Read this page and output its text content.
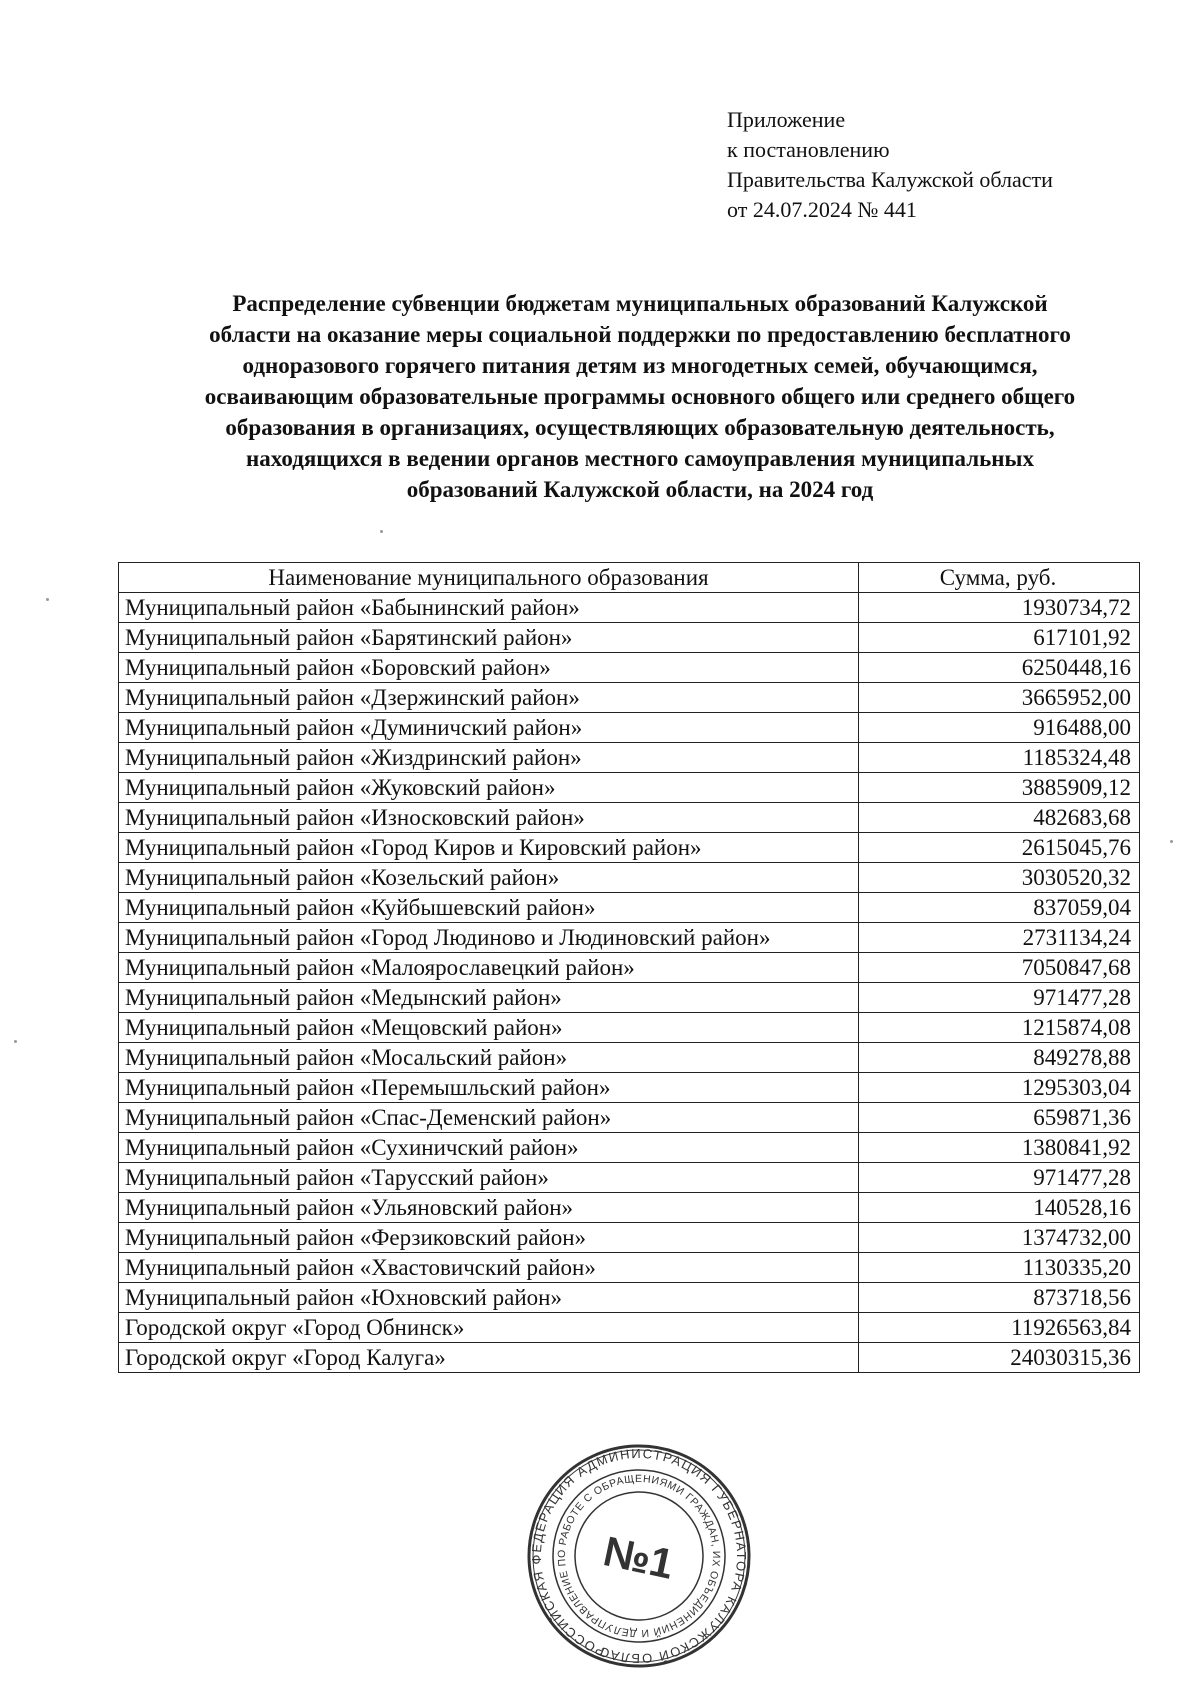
Приложение
к постановлению
Правительства Калужской области
от 24.07.2024 № 441
Распределение субвенции бюджетам муниципальных образований Калужской
области на оказание меры социальной поддержки по предоставлению бесплатного
одноразового горячего питания детям из многодетных семей, обучающимся,
осваивающим образовательные программы основного общего или среднего общего
образования в организациях, осуществляющих образовательную деятельность,
находящихся в ведении органов местного самоуправления муниципальных
образований Калужской области, на 2024 год
Наименование муниципального образования	Сумма, руб.
Муниципальный район «Бабынинский район»	1930734,72
Муниципальный район «Барятинский район»	617101,92
Муниципальный район «Боровский район»	6250448,16
Муниципальный район «Дзержинский район»	3665952,00
Муниципальный район «Думиничский район»	916488,00
Муниципальный район «Жиздринский район»	1185324,48
Муниципальный район «Жуковский район»	3885909,12
Муниципальный район «Износковский район»	482683,68
Муниципальный район «Город Киров и Кировский район»	2615045,76
Муниципальный район «Козельский район»	3030520,32
Муниципальный район «Куйбышевский район»	837059,04
Муниципальный район «Город Людиново и Людиновский район»	2731134,24
Муниципальный район «Малоярославецкий район»	7050847,68
Муниципальный район «Медынский район»	971477,28
Муниципальный район «Мещовский район»	1215874,08
Муниципальный район «Мосальский район»	849278,88
Муниципальный район «Перемышльский район»	1295303,04
Муниципальный район «Спас-Деменский район»	659871,36
Муниципальный район «Сухиничский район»	1380841,92
Муниципальный район «Тарусский район»	971477,28
Муниципальный район «Ульяновский район»	140528,16
Муниципальный район «Ферзиковский район»	1374732,00
Муниципальный район «Хвастовичский район»	1130335,20
Муниципальный район «Юхновский район»	873718,56
Городской округ «Город Обнинск»	11926563,84
Городской округ «Город Калуга»	24030315,36
РОССИЙСКАЯ ФЕДЕРАЦИЯ АДМИНИСТРАЦИЯ ГУБЕРНАТОРА КАЛУЖСКОЙ ОБЛАСТИ	УПРАВЛЕНИЕ ПО РАБОТЕ С ОБРАЩЕНИЯМИ ГРАЖДАН, ИХ ОБЪЕДИНЕНИЙ И ДЕЛОПРОИЗВОДСТВА
№1
